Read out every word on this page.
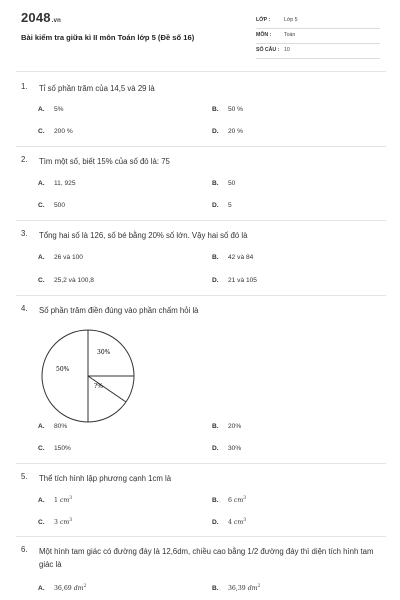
2048.vn
Bài kiểm tra giữa kì II môn Toán lớp 5 (Đề số 16)
LỚP :	Lớp 5
MÔN : Toán
SỐ CÂU : 10
1.	Tỉ số phần trăm của 14,5 và 29 là
A. 5%	B. 50 %
C. 200 %	D. 20 %
2.	Tìm một số, biết 15% của số đó là: 75
A. 11, 925	B. 50
C. 500	D. 5
3.	Tổng hai số là 126, số bé bằng 20% số lớn. Vậy hai số đó là
A. 26 và 100	B. 42 và 84
C. 25,2 và 100,8	D. 21 và 105
4.	Số phần trăm điền đúng vào phần chấm hỏi là
30%
50%
?%
A. 80%	B. 20%
C. 150%	D. 30%
5.	Thể tích hình lập phương cạnh 1cm là
A. 1 $cm^3$	B. 6 $cm^3$
C. 3 $cm^3$	D. 4 $cm^3$
6.	Một hình tam giác có đường đáy là 12,6dm, chiều cao bằng 1/2 đường đáy thì diện tích hình tam giác là
A. 36,69 $dm^2$	B. 36,39 $dm^2$
